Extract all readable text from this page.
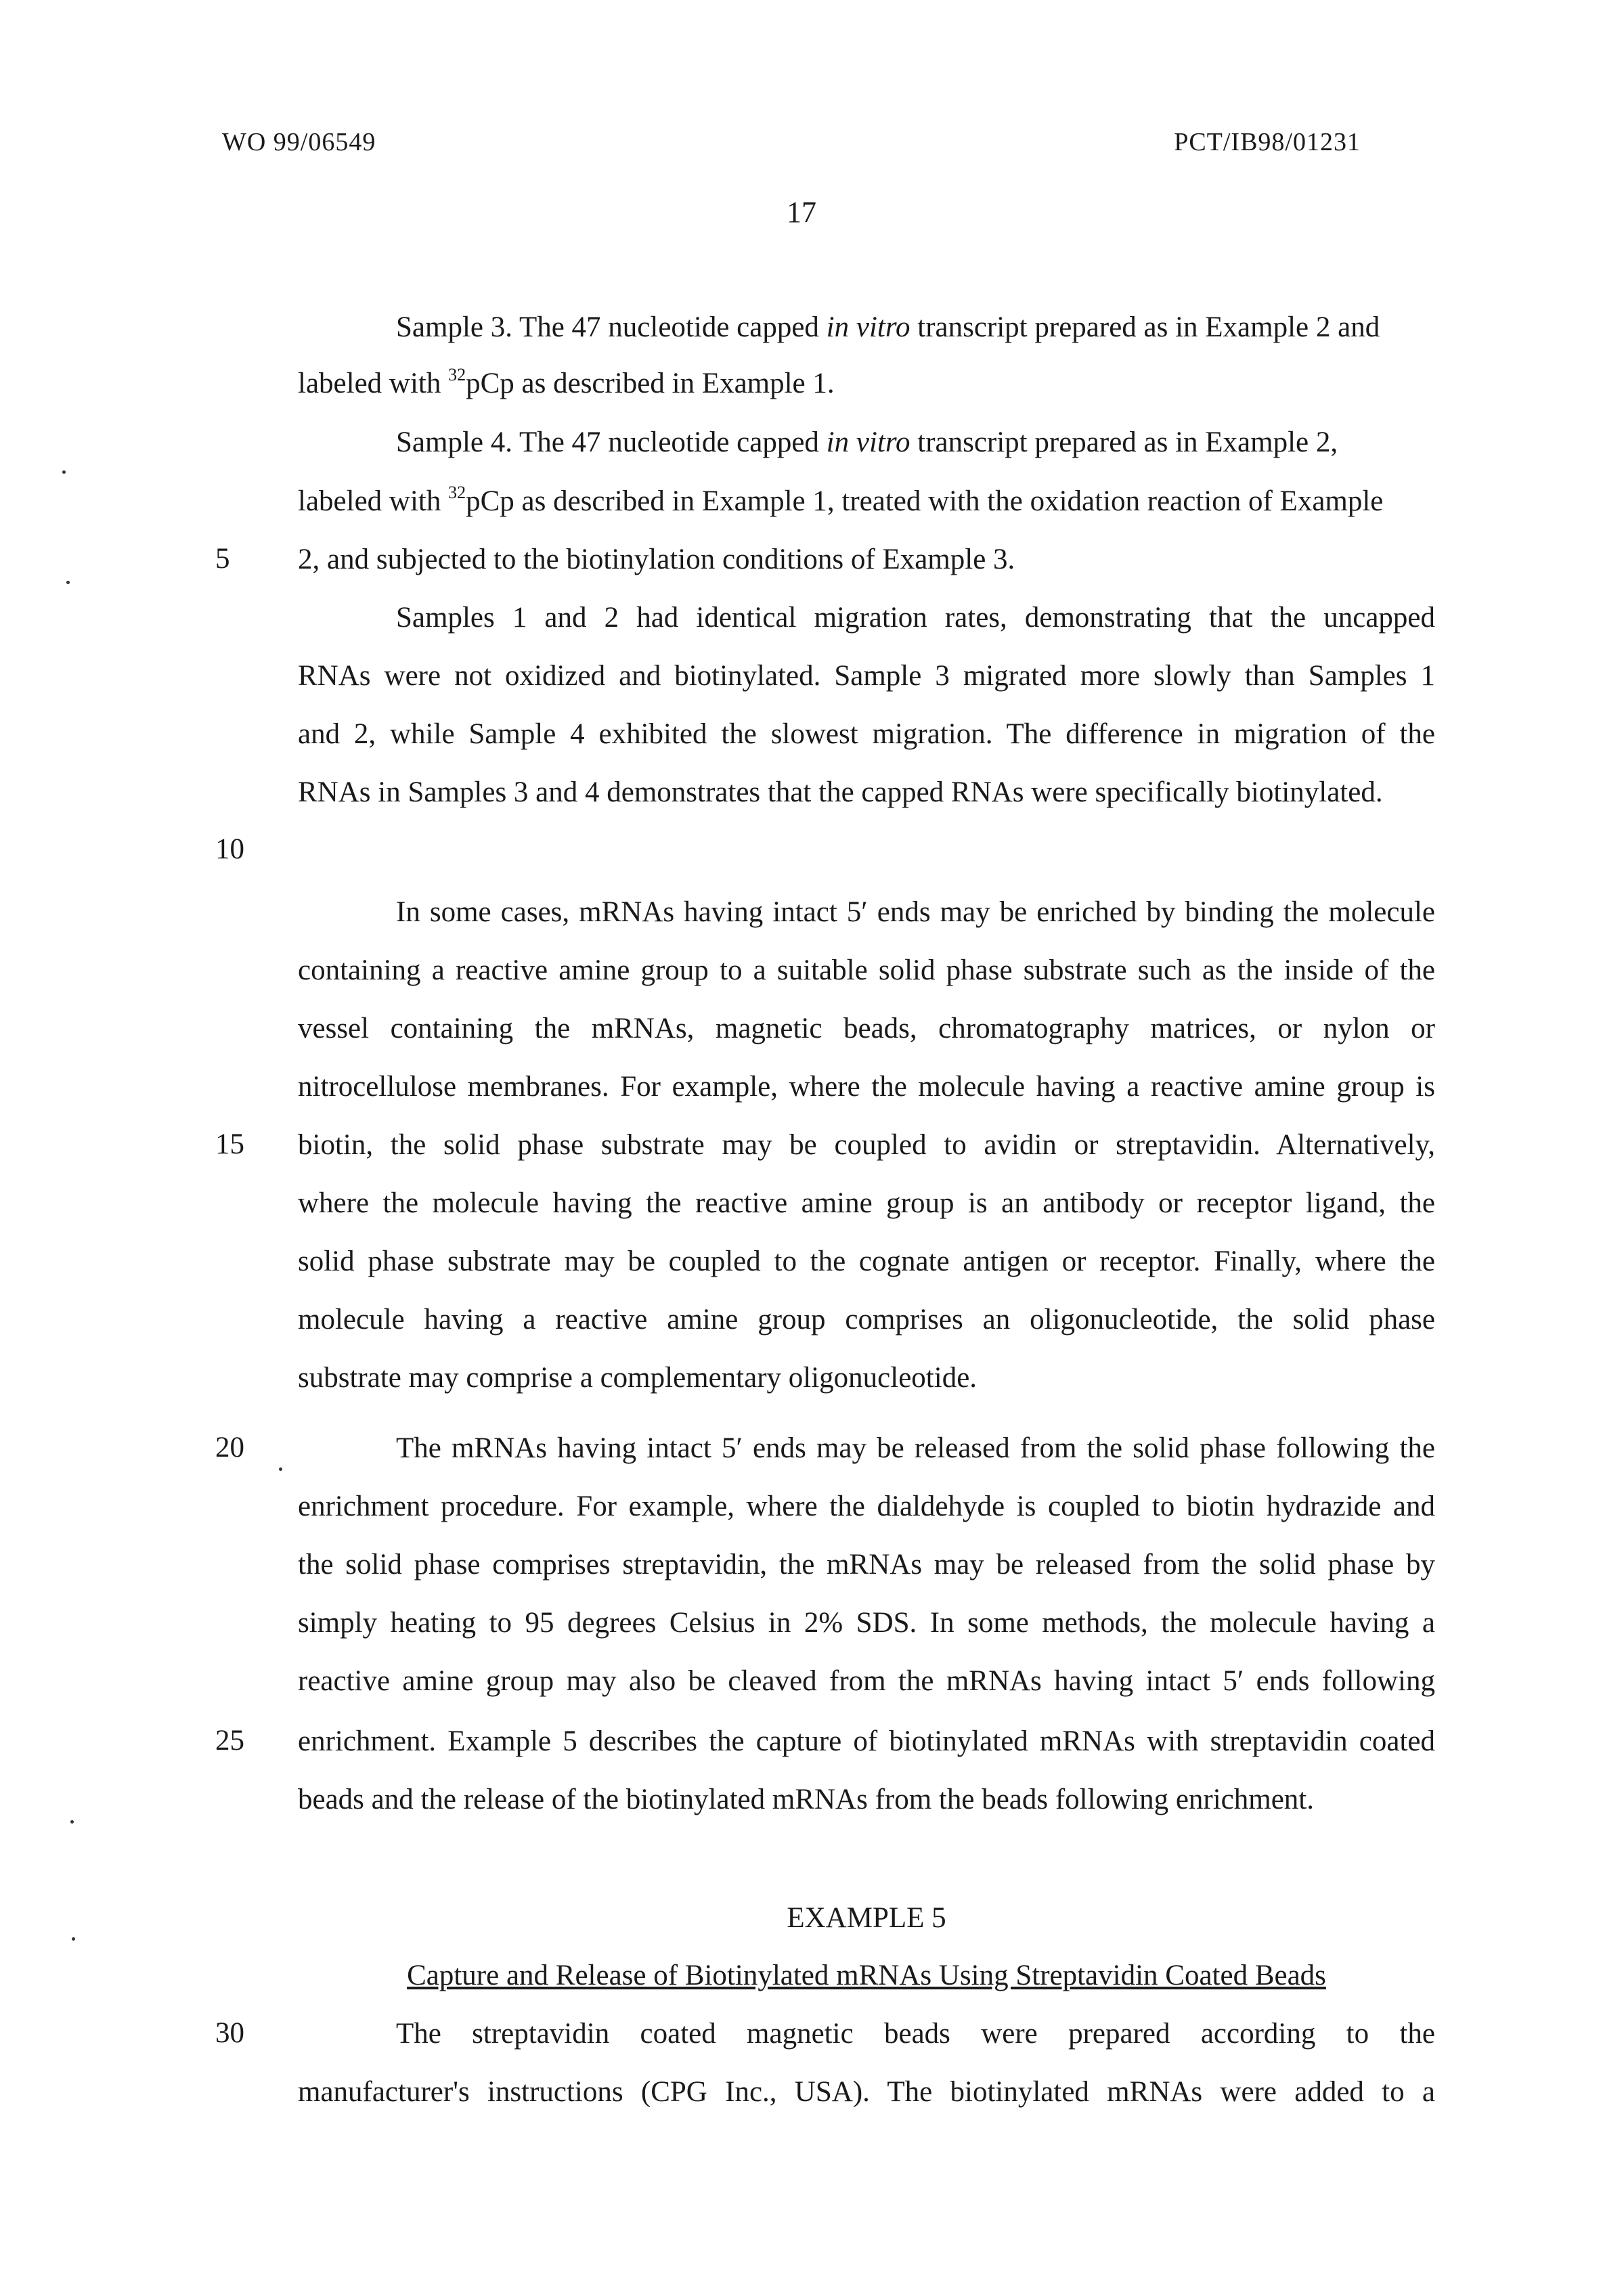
WO 99/06549	PCT/IB98/01231
17
5
10
15
20
25
30
Sample 3. The 47 nucleotide capped in vitro transcript prepared as in Example 2 and
labeled with $^{32}$pCp as described in Example 1.
Sample 4. The 47 nucleotide capped in vitro transcript prepared as in Example 2,
labeled with $^{32}$pCp as described in Example 1, treated with the oxidation reaction of Example
2, and subjected to the biotinylation conditions of Example 3.
Samples 1 and 2 had identical migration rates, demonstrating that the uncapped
RNAs were not oxidized and biotinylated. Sample 3 migrated more slowly than Samples 1
and 2, while Sample 4 exhibited the slowest migration. The difference in migration of the
RNAs in Samples 3 and 4 demonstrates that the capped RNAs were specifically biotinylated.
In some cases, mRNAs having intact 5′ ends may be enriched by binding the molecule
containing a reactive amine group to a suitable solid phase substrate such as the inside of the
vessel containing the mRNAs, magnetic beads, chromatography matrices, or nylon or
nitrocellulose membranes. For example, where the molecule having a reactive amine group is
biotin, the solid phase substrate may be coupled to avidin or streptavidin. Alternatively,
where the molecule having the reactive amine group is an antibody or receptor ligand, the
solid phase substrate may be coupled to the cognate antigen or receptor. Finally, where the
molecule having a reactive amine group comprises an oligonucleotide, the solid phase
substrate may comprise a complementary oligonucleotide.
The mRNAs having intact 5′ ends may be released from the solid phase following the
enrichment procedure. For example, where the dialdehyde is coupled to biotin hydrazide and
the solid phase comprises streptavidin, the mRNAs may be released from the solid phase by
simply heating to 95 degrees Celsius in 2% SDS. In some methods, the molecule having a
reactive amine group may also be cleaved from the mRNAs having intact 5′ ends following
enrichment. Example 5 describes the capture of biotinylated mRNAs with streptavidin coated
beads and the release of the biotinylated mRNAs from the beads following enrichment.
EXAMPLE 5
Capture and Release of Biotinylated mRNAs Using Streptavidin Coated Beads
The streptavidin coated magnetic beads were prepared according to the
manufacturer's instructions (CPG Inc., USA). The biotinylated mRNAs were added to a
